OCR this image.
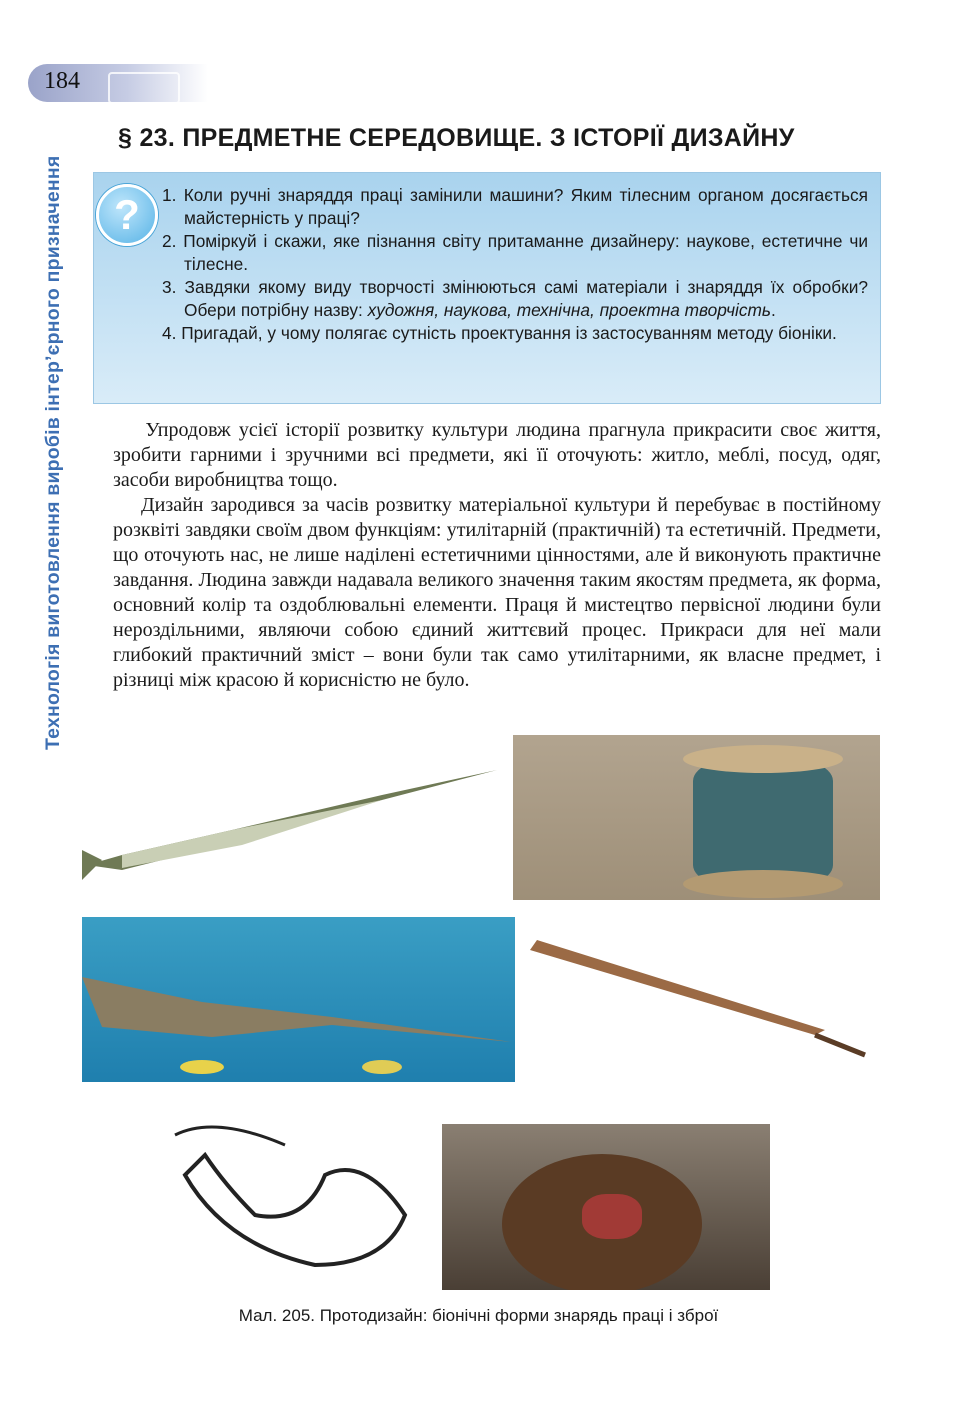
184
Технологія виготовлення виробів інтер’єрного призначення
§ 23. ПРЕДМЕТНЕ СЕРЕДОВИЩЕ. З ІСТОРІЇ ДИЗАЙНУ
?	1. Коли ручні знаряддя праці замінили машини? Яким тілесним органом досягається майстерність у праці?
2. Поміркуй і скажи, яке пізнання світу притаманне дизайнеру: наукове, естетичне чи тілесне.
3. Завдяки якому виду творчості змінюються самі матеріали і знаряддя їх обробки? Обери потрібну назву: художня, наукова, технічна, проектна творчість.
4. Пригадай, у чому полягає сутність проектування із застосуванням методу біоніки.

Упродовж усієї історії розвитку культури людина прагнула прикрасити своє життя, зробити гарними і зручними всі предмети, які її оточують: житло, меблі, посуд, одяг, засоби виробництва тощо.

Дизайн зародився за часів розвитку матеріальної культури й перебуває в постійному розквіті завдяки своїм двом функціям: утилітарній (практичній) та естетичній. Предмети, що оточують нас, не лише наділені естетичними цінностями, але й виконують практичне завдання. Людина завжди надавала великого значення таким якостям предмета, як форма, основний колір та оздоблювальні елементи. Праця й мистецтво первісної людини були нероздільними, являючи собою єдиний життєвий процес. Прикраси для неї мали глибокий практичний зміст – вони були так само утилітарними, як власне предмет, і різниці між красою й корисністю не було.

Мал. 205. Протодизайн: біонічні форми знарядь праці і зброї
